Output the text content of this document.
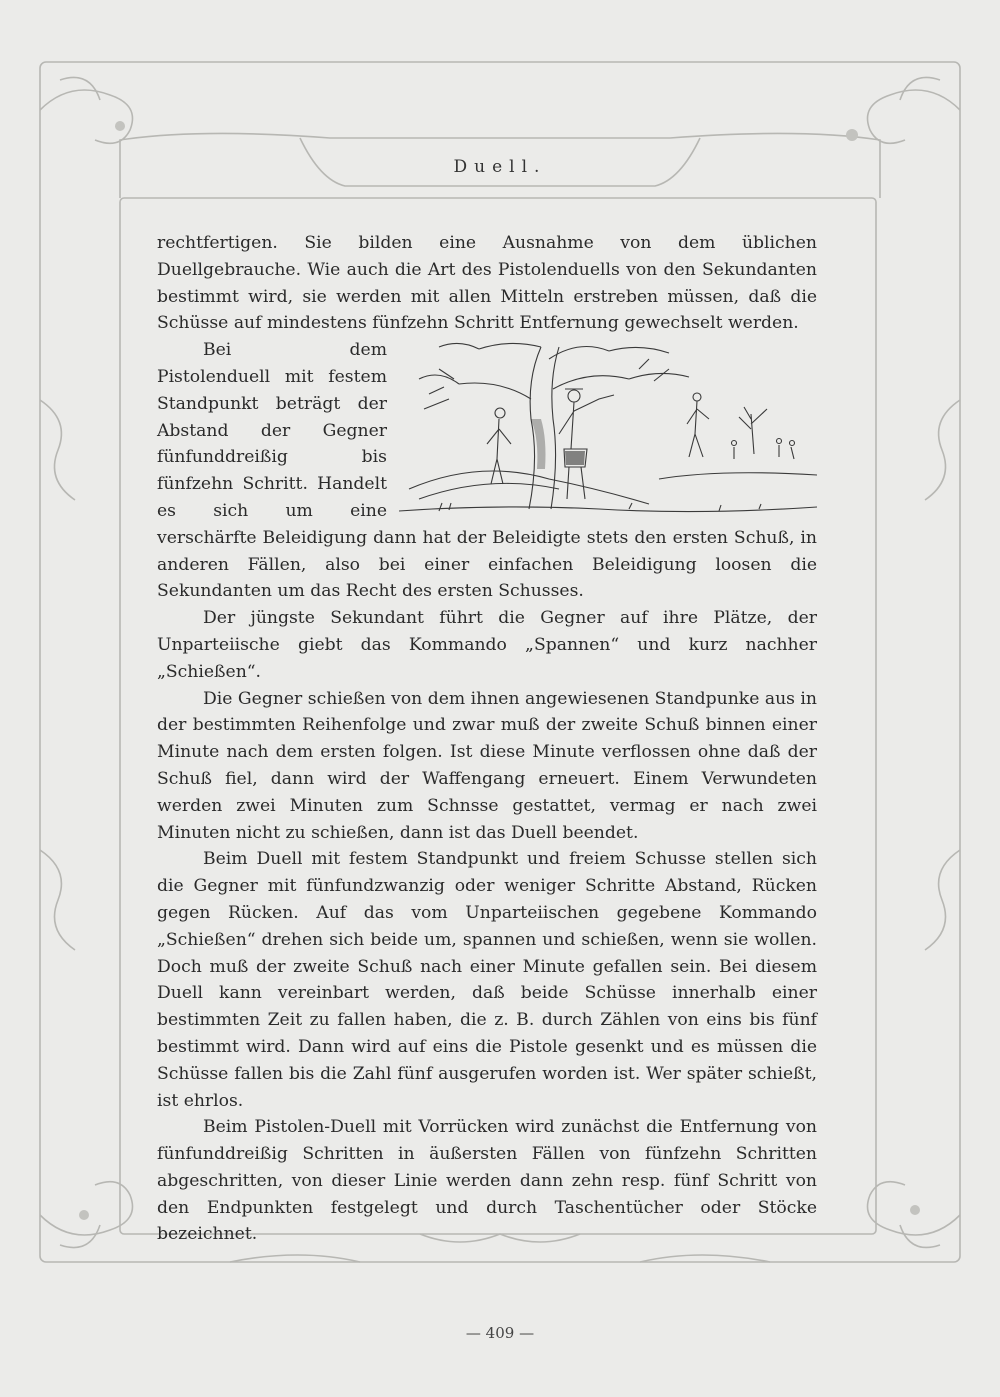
Duell.

rechtfertigen. Sie bilden eine Ausnahme von dem üblichen Duellgebrauche. Wie auch die Art des Pistolenduells von den Sekundanten bestimmt wird, sie werden mit allen Mitteln erstreben müssen, daß die Schüsse auf mindestens fünfzehn Schritt Entfernung gewechselt werden.

Bei dem Pistolenduell mit festem Standpunkt beträgt der Abstand der Gegner fünfunddreißig bis fünfzehn Schritt. Handelt es sich um eine verschärfte Beleidigung dann hat der Beleidigte stets den ersten Schuß, in anderen Fällen, also bei einer einfachen Beleidigung loosen die Sekundanten um das Recht des ersten Schusses.

Der jüngste Sekundant führt die Gegner auf ihre Plätze, der Unparteiische giebt das Kommando „Spannen“ und kurz nachher „Schießen“.

Die Gegner schießen von dem ihnen angewiesenen Standpunke aus in der bestimmten Reihenfolge und zwar muß der zweite Schuß binnen einer Minute nach dem ersten folgen. Ist diese Minute verflossen ohne daß der Schuß fiel, dann wird der Waffengang erneuert. Einem Verwundeten werden zwei Minuten zum Schnsse gestattet, vermag er nach zwei Minuten nicht zu schießen, dann ist das Duell beendet.

Beim Duell mit festem Standpunkt und freiem Schusse stellen sich die Gegner mit fünfundzwanzig oder weniger Schritte Abstand, Rücken gegen Rücken. Auf das vom Unparteiischen gegebene Kommando „Schießen“ drehen sich beide um, spannen und schießen, wenn sie wollen. Doch muß der zweite Schuß nach einer Minute gefallen sein. Bei diesem Duell kann vereinbart werden, daß beide Schüsse innerhalb einer bestimmten Zeit zu fallen haben, die z. B. durch Zählen von eins bis fünf bestimmt wird. Dann wird auf eins die Pistole gesenkt und es müssen die Schüsse fallen bis die Zahl fünf ausgerufen worden ist. Wer später schießt, ist ehrlos.

Beim Pistolen-Duell mit Vorrücken wird zunächst die Entfernung von fünfunddreißig Schritten in äußersten Fällen von fünfzehn Schritten abgeschritten, von dieser Linie werden dann zehn resp. fünf Schritt von den Endpunkten festgelegt und durch Taschentücher oder Stöcke bezeichnet.

— 409 —
